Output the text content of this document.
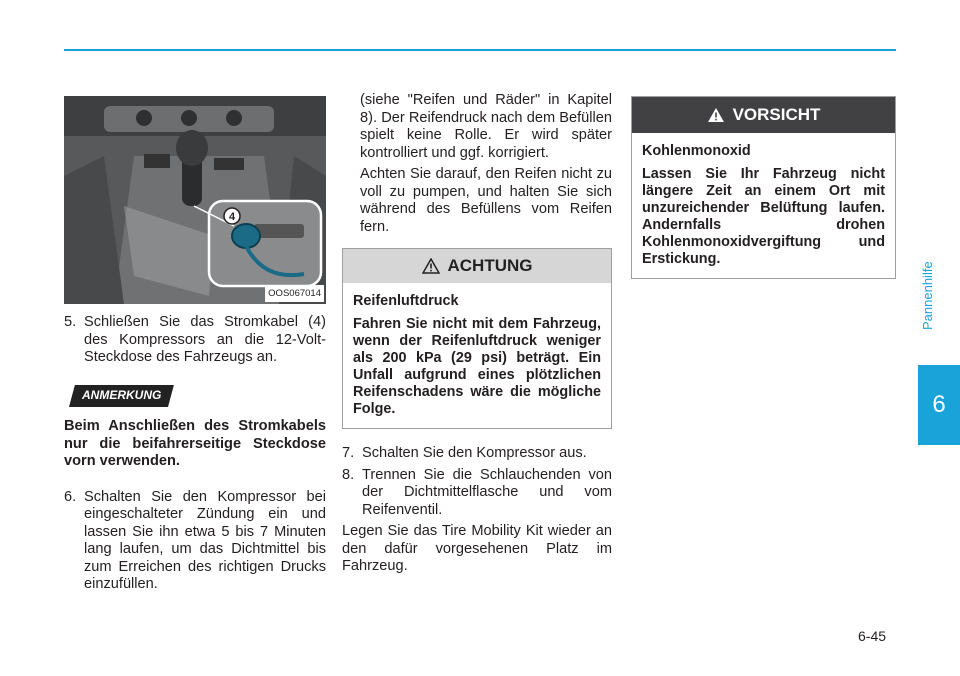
Pannenhilfe
6
6-45
4
OOS067014
5. Schließen Sie das Stromkabel (4) des Kompressors an die 12-Volt-Steckdose des Fahrzeugs an.
ANMERKUNG

Beim Anschließen des Stromkabels nur die beifahrerseitige Steckdose vorn verwenden.

6. Schalten Sie den Kompressor bei eingeschalteter Zündung ein und lassen Sie ihn etwa 5 bis 7 Minuten lang laufen, um das Dichtmittel bis zum Erreichen des richtigen Drucks einzufüllen.

(siehe "Reifen und Räder" in Kapitel 8). Der Reifendruck nach dem Befüllen spielt keine Rolle. Er wird später kontrolliert und ggf. korrigiert.

Achten Sie darauf, den Reifen nicht zu voll zu pumpen, und halten Sie sich während des Befüllens vom Reifen fern.

ACHTUNG
Reifenluftdruck

Fahren Sie nicht mit dem Fahrzeug, wenn der Reifenluftdruck weniger als 200 kPa (29 psi) beträgt. Ein Unfall aufgrund eines plötzlichen Reifenschadens wäre die mögliche Folge.

7. Schalten Sie den Kompressor aus.
8. Trennen Sie die Schlauchenden von der Dichtmittelflasche und vom Reifenventil.

Legen Sie das Tire Mobility Kit wieder an den dafür vorgesehenen Platz im Fahrzeug.

VORSICHT
Kohlenmonoxid

Lassen Sie Ihr Fahrzeug nicht längere Zeit an einem Ort mit unzureichender Belüftung laufen. Andernfalls drohen Kohlenmonoxidvergiftung und Erstickung.
